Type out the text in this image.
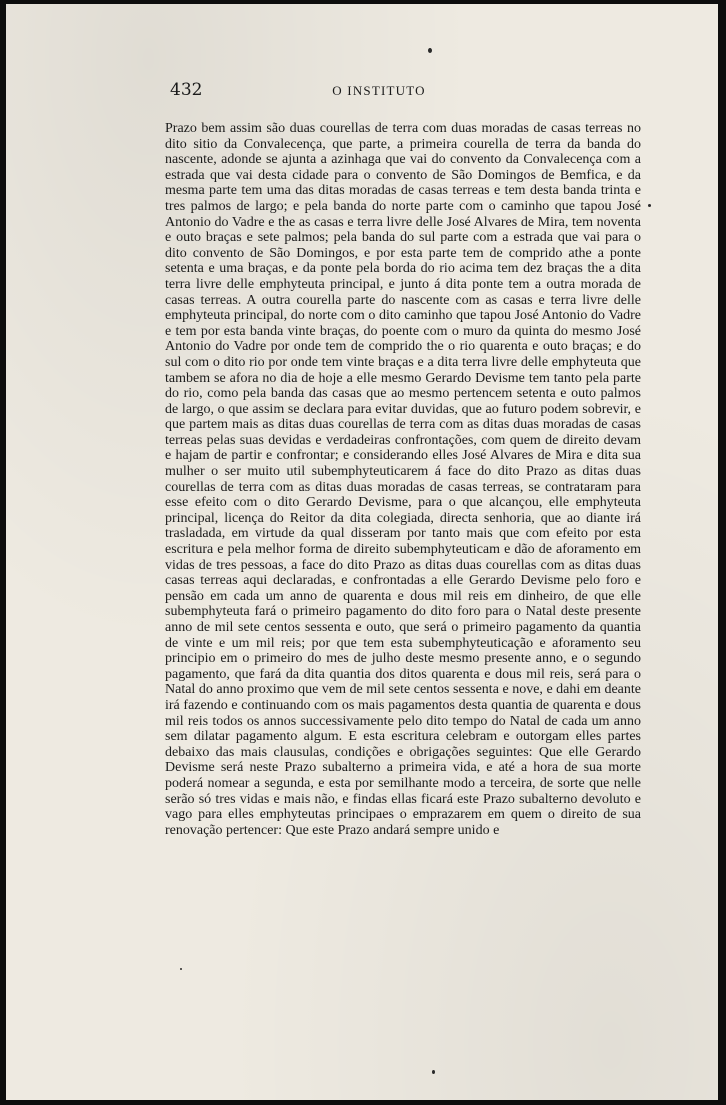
432	O INSTITUTO

Prazo bem assim são duas courellas de terra com duas moradas de casas terreas no dito sitio da Convalecença, que parte, a primeira courella de terra da banda do nascente, adonde se ajunta a azinhaga que vai do convento da Convalecença com a estrada que vai desta cidade para o convento de São Domingos de Bemfica, e da mesma parte tem uma das ditas moradas de casas terreas e tem desta banda trinta e tres palmos de largo; e pela banda do norte parte com o caminho que tapou José Antonio do Vadre e the as casas e terra livre delle José Alvares de Mira, tem noventa e outo braças e sete palmos; pela banda do sul parte com a estrada que vai para o dito convento de São Domingos, e por esta parte tem de comprido athe a ponte setenta e uma braças, e da ponte pela borda do rio acima tem dez braças the a dita terra livre delle emphyteuta principal, e junto á dita ponte tem a outra morada de casas terreas. A outra courella parte do nascente com as casas e terra livre delle emphyteuta principal, do norte com o dito caminho que tapou José Antonio do Vadre e tem por esta banda vinte braças, do poente com o muro da quinta do mesmo José Antonio do Vadre por onde tem de comprido the o rio quarenta e outo braças; e do sul com o dito rio por onde tem vinte braças e a dita terra livre delle emphyteuta que tambem se afora no dia de hoje a elle mesmo Gerardo Devisme tem tanto pela parte do rio, como pela banda das casas que ao mesmo pertencem setenta e outo palmos de largo, o que assim se declara para evitar duvidas, que ao futuro podem sobrevir, e que partem mais as ditas duas courellas de terra com as ditas duas moradas de casas terreas pelas suas devidas e verdadeiras confrontações, com quem de direito devam e hajam de partir e confrontar; e considerando elles José Alvares de Mira e dita sua mulher o ser muito util subemphyteuticarem á face do dito Prazo as ditas duas courellas de terra com as ditas duas moradas de casas terreas, se contrataram para esse efeito com o dito Gerardo Devisme, para o que alcançou, elle emphyteuta principal, licença do Reitor da dita colegiada, directa senhoria, que ao diante irá trasladada, em virtude da qual disseram por tanto mais que com efeito por esta escritura e pela melhor forma de direito subemphyteuticam e dão de aforamento em vidas de tres pessoas, a face do dito Prazo as ditas duas courellas com as ditas duas casas terreas aqui declaradas, e confrontadas a elle Gerardo Devisme pelo foro e pensão em cada um anno de quarenta e dous mil reis em dinheiro, de que elle subemphyteuta fará o primeiro pagamento do dito foro para o Natal deste presente anno de mil sete centos sessenta e outo, que será o primeiro pagamento da quantia de vinte e um mil reis; por que tem esta subemphyteuticação e aforamento seu principio em o primeiro do mes de julho deste mesmo presente anno, e o segundo pagamento, que fará da dita quantia dos ditos quarenta e dous mil reis, será para o Natal do anno proximo que vem de mil sete centos sessenta e nove, e dahi em deante irá fazendo e continuando com os mais pagamentos desta quantia de quarenta e dous mil reis todos os annos successivamente pelo dito tempo do Natal de cada um anno sem dilatar pagamento algum. E esta escritura celebram e outorgam elles partes debaixo das mais clausulas, condições e obrigações seguintes: Que elle Gerardo Devisme será neste Prazo subalterno a primeira vida, e até a hora de sua morte poderá nomear a segunda, e esta por semilhante modo a terceira, de sorte que nelle serão só tres vidas e mais não, e findas ellas ficará este Prazo subalterno devoluto e vago para elles emphyteutas principaes o emprazarem em quem o direito de sua renovação pertencer: Que este Prazo andará sempre unido e
